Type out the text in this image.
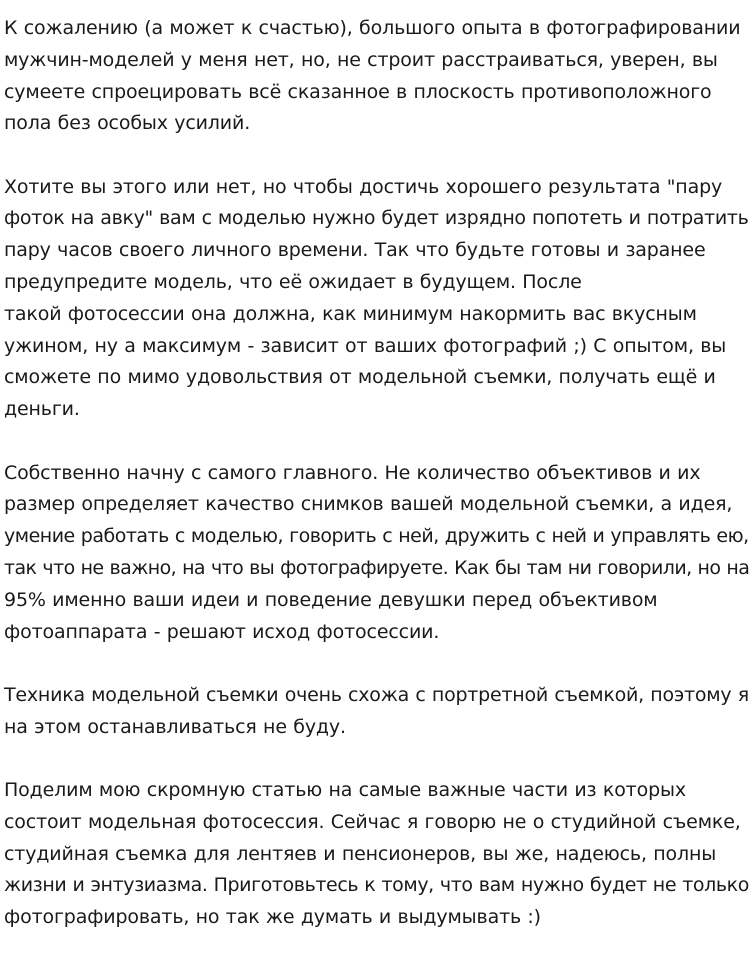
К сожалению (а может к счастью), большого опыта в фотографировании
мужчин-моделей у меня нет, но, не строит расстраиваться, уверен, вы
сумеете спроецировать всё сказанное в плоскость противоположного
пола без особых усилий.

Хотите вы этого или нет, но чтобы достичь хорошего результата "пару
фоток на авку" вам с моделью нужно будет изрядно попотеть и потратить
пару часов своего личного времени. Так что будьте готовы и заранее
предупредите модель, что её ожидает в будущем. После
такой фотосессии она должна, как минимум накормить вас вкусным
ужином, ну а максимум - зависит от ваших фотографий ;) С опытом, вы
сможете по мимо удовольствия от модельной съемки, получать ещё и
деньги.

Собственно начну с самого главного. Не количество объективов и их
размер определяет качество снимков вашей модельной съемки, а идея,
умение работать с моделью, говорить с ней, дружить с ней и управлять ею,
так что не важно, на что вы фотографируете. Как бы там ни говорили, но на
95% именно ваши идеи и поведение девушки перед объективом
фотоаппарата - решают исход фотосессии.

Техника модельной съемки очень схожа с портретной съемкой, поэтому я
на этом останавливаться не буду.

Поделим мою скромную статью на самые важные части из которых
состоит модельная фотосессия. Сейчас я говорю не о студийной съемке,
студийная съемка для лентяев и пенсионеров, вы же, надеюсь, полны
жизни и энтузиазма. Приготовьтесь к тому, что вам нужно будет не только
фотографировать, но так же думать и выдумывать :)
